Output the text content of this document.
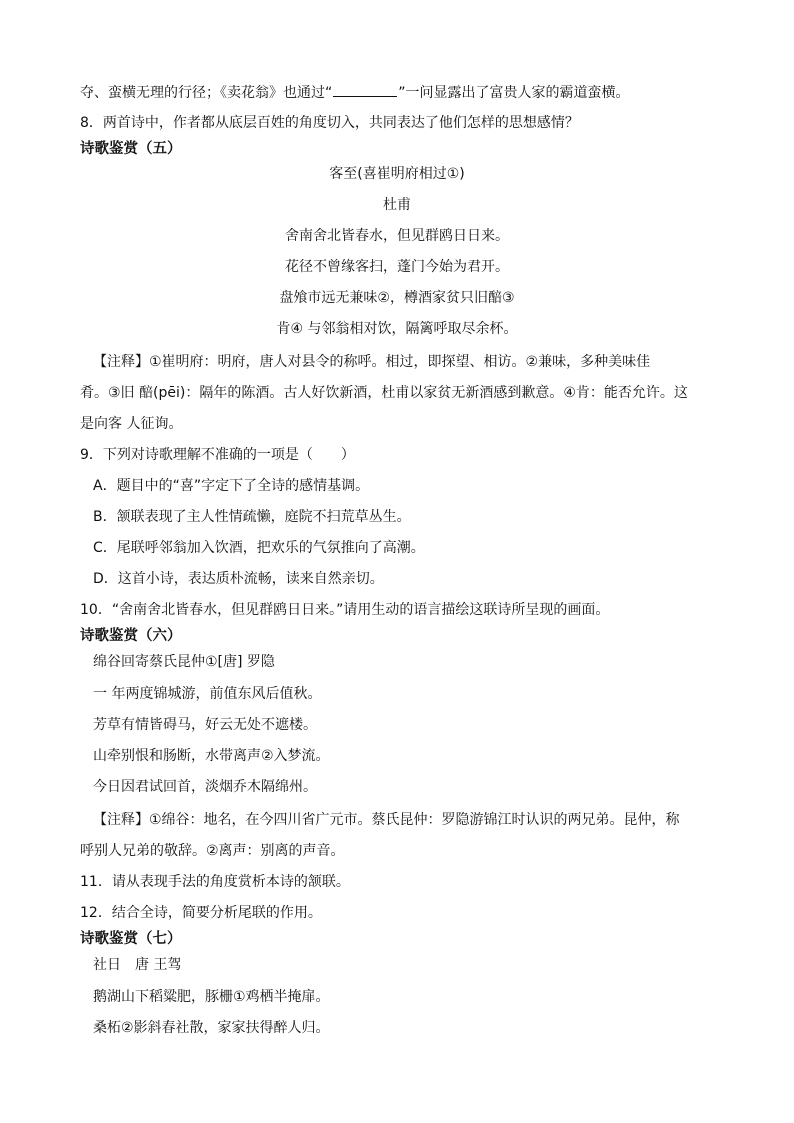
夺、蛮横无理的行径；《卖花翁》也通过“	”一问显露出了富贵人家的霸道蛮横。
8．两首诗中，作者都从底层百姓的角度切入，共同表达了他们怎样的思想感情？
诗歌鉴赏（五）
客至(喜崔明府相过①)
杜甫
舍南舍北皆春水，但见群鸥日日来。
花径不曾缘客扫，蓬门今始为君开。
盘飧市远无兼味②，樽酒家贫只旧醅③
肯④ 与邻翁相对饮，隔篱呼取尽余杯。
【注释】①崔明府：明府，唐人对县令的称呼。相过，即探望、相访。②兼味，多种美味佳
肴。③旧 醅(pēi)：隔年的陈酒。古人好饮新酒，杜甫以家贫无新酒感到歉意。④肯：能否允许。这
是向客 人征询。
9．下列对诗歌理解不准确的一项是（　　）
A．题目中的“喜”字定下了全诗的感情基调。
B．颔联表现了主人性情疏懒，庭院不扫荒草丛生。
C．尾联呼邻翁加入饮酒，把欢乐的气氛推向了高潮。
D．这首小诗，表达质朴流畅，读来自然亲切。
10．“舍南舍北皆春水，但见群鸥日日来。”请用生动的语言描绘这联诗所呈现的画面。
诗歌鉴赏（六）
绵谷回寄蔡氏昆仲①[唐] 罗隐
一 年两度锦城游，前值东风后值秋。
芳草有情皆碍马，好云无处不遮楼。
山牵别恨和肠断，水带离声②入梦流。
今日因君试回首，淡烟乔木隔绵州。
【注释】①绵谷：地名，在今四川省广元市。蔡氏昆仲：罗隐游锦江时认识的两兄弟。昆仲，称
呼别人兄弟的敬辞。②离声：别离的声音。
11．请从表现手法的角度赏析本诗的颔联。
12．结合全诗，简要分析尾联的作用。
诗歌鉴赏（七）
社日　唐 王驾
鹅湖山下稻粱肥，豚栅①鸡栖半掩扉。
桑柘②影斜春社散，家家扶得醉人归。
